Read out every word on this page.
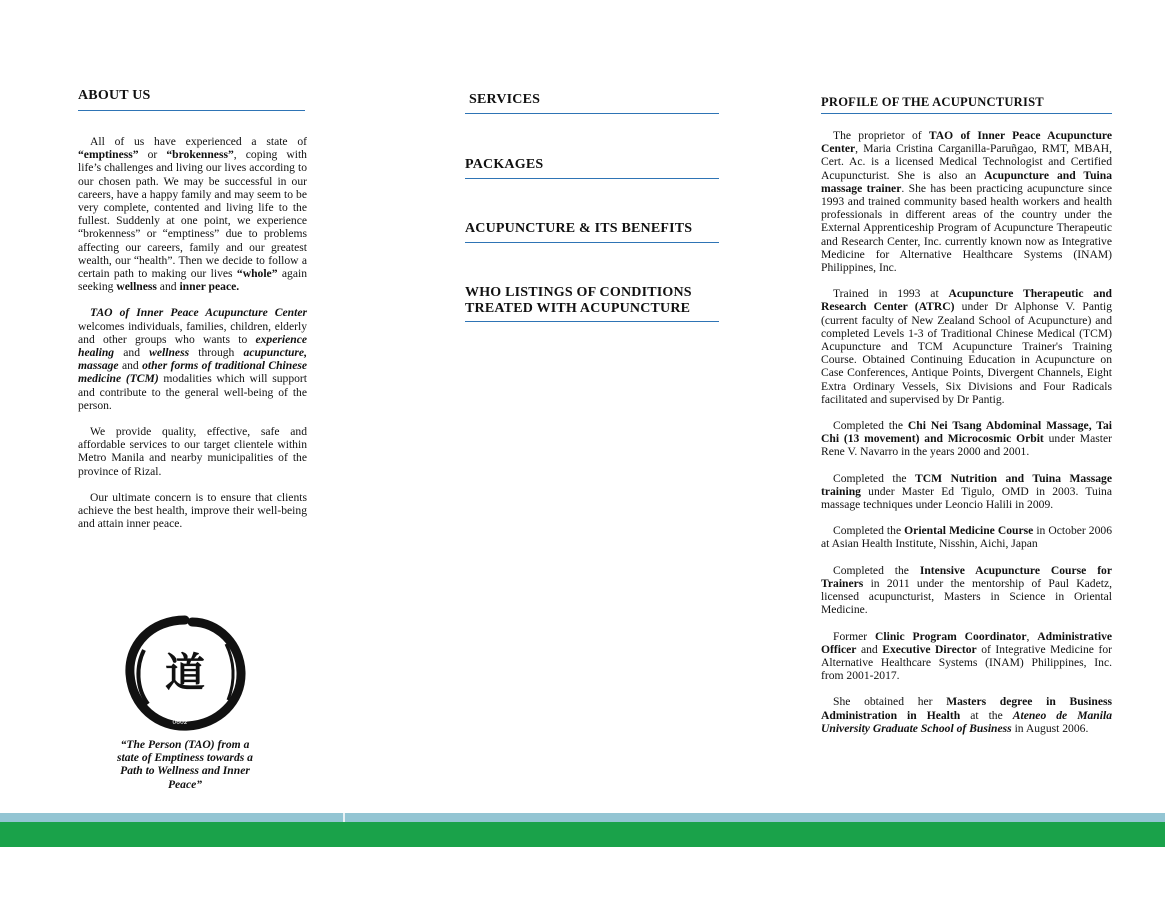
ABOUT US

All of us have experienced a state of “emptiness” or “brokenness”, coping with life’s challenges and living our lives according to our chosen path. We may be successful in our careers, have a happy family and may seem to be very complete, contented and living life to the fullest. Suddenly at one point, we experience “brokenness” or “emptiness” due to problems affecting our careers, family and our greatest wealth, our “health”. Then we decide to follow a certain path to making our lives “whole” again seeking wellness and inner peace.

TAO of Inner Peace Acupuncture Center welcomes individuals, families, children, elderly and other groups who wants to experience healing and wellness through acupuncture, massage and other forms of traditional Chinese medicine (TCM) modalities which will support and contribute to the general well-being of the person.

We provide quality, effective, safe and affordable services to our target clientele within Metro Manila and nearby municipalities of the province of Rizal.

Our ultimate concern is to ensure that clients achieve the best health, improve their well-being and attain inner peace.

道
0602
“The Person (TAO) from a state of Emptiness towards a Path to Wellness and Inner Peace”
SERVICES
PACKAGES
ACUPUNCTURE & ITS BENEFITS
WHO LISTINGS OF CONDITIONS TREATED WITH ACUPUNCTURE
PROFILE OF THE ACUPUNCTURIST

The proprietor of TAO of Inner Peace Acupuncture Center, Maria Cristina Carganilla-Paruñgao, RMT, MBAH, Cert. Ac. is a licensed Medical Technologist and Certified Acupuncturist. She is also an Acupuncture and Tuina massage trainer. She has been practicing acupuncture since 1993 and trained community based health workers and health professionals in different areas of the country under the External Apprenticeship Program of Acupuncture Therapeutic and Research Center, Inc. currently known now as Integrative Medicine for Alternative Healthcare Systems (INAM) Philippines, Inc.

Trained in 1993 at Acupuncture Therapeutic and Research Center (ATRC) under Dr Alphonse V. Pantig (current faculty of New Zealand School of Acupuncture) and completed Levels 1-3 of Traditional Chinese Medical (TCM) Acupuncture and TCM Acupuncture Trainer's Training Course. Obtained Continuing Education in Acupuncture on Case Conferences, Antique Points, Divergent Channels, Eight Extra Ordinary Vessels, Six Divisions and Four Radicals facilitated and supervised by Dr Pantig.

Completed the Chi Nei Tsang Abdominal Massage, Tai Chi (13 movement) and Microcosmic Orbit under Master Rene V. Navarro in the years 2000 and 2001.

Completed the TCM Nutrition and Tuina Massage training under Master Ed Tigulo, OMD in 2003. Tuina massage techniques under Leoncio Halili in 2009.

Completed the Oriental Medicine Course in October 2006 at Asian Health Institute, Nisshin, Aichi, Japan

Completed the Intensive Acupuncture Course for Trainers in 2011 under the mentorship of Paul Kadetz, licensed acupuncturist, Masters in Science in Oriental Medicine.

Former Clinic Program Coordinator, Administrative Officer and Executive Director of Integrative Medicine for Alternative Healthcare Systems (INAM) Philippines, Inc. from 2001-2017.

She obtained her Masters degree in Business Administration in Health at the Ateneo de Manila University Graduate School of Business in August 2006.
